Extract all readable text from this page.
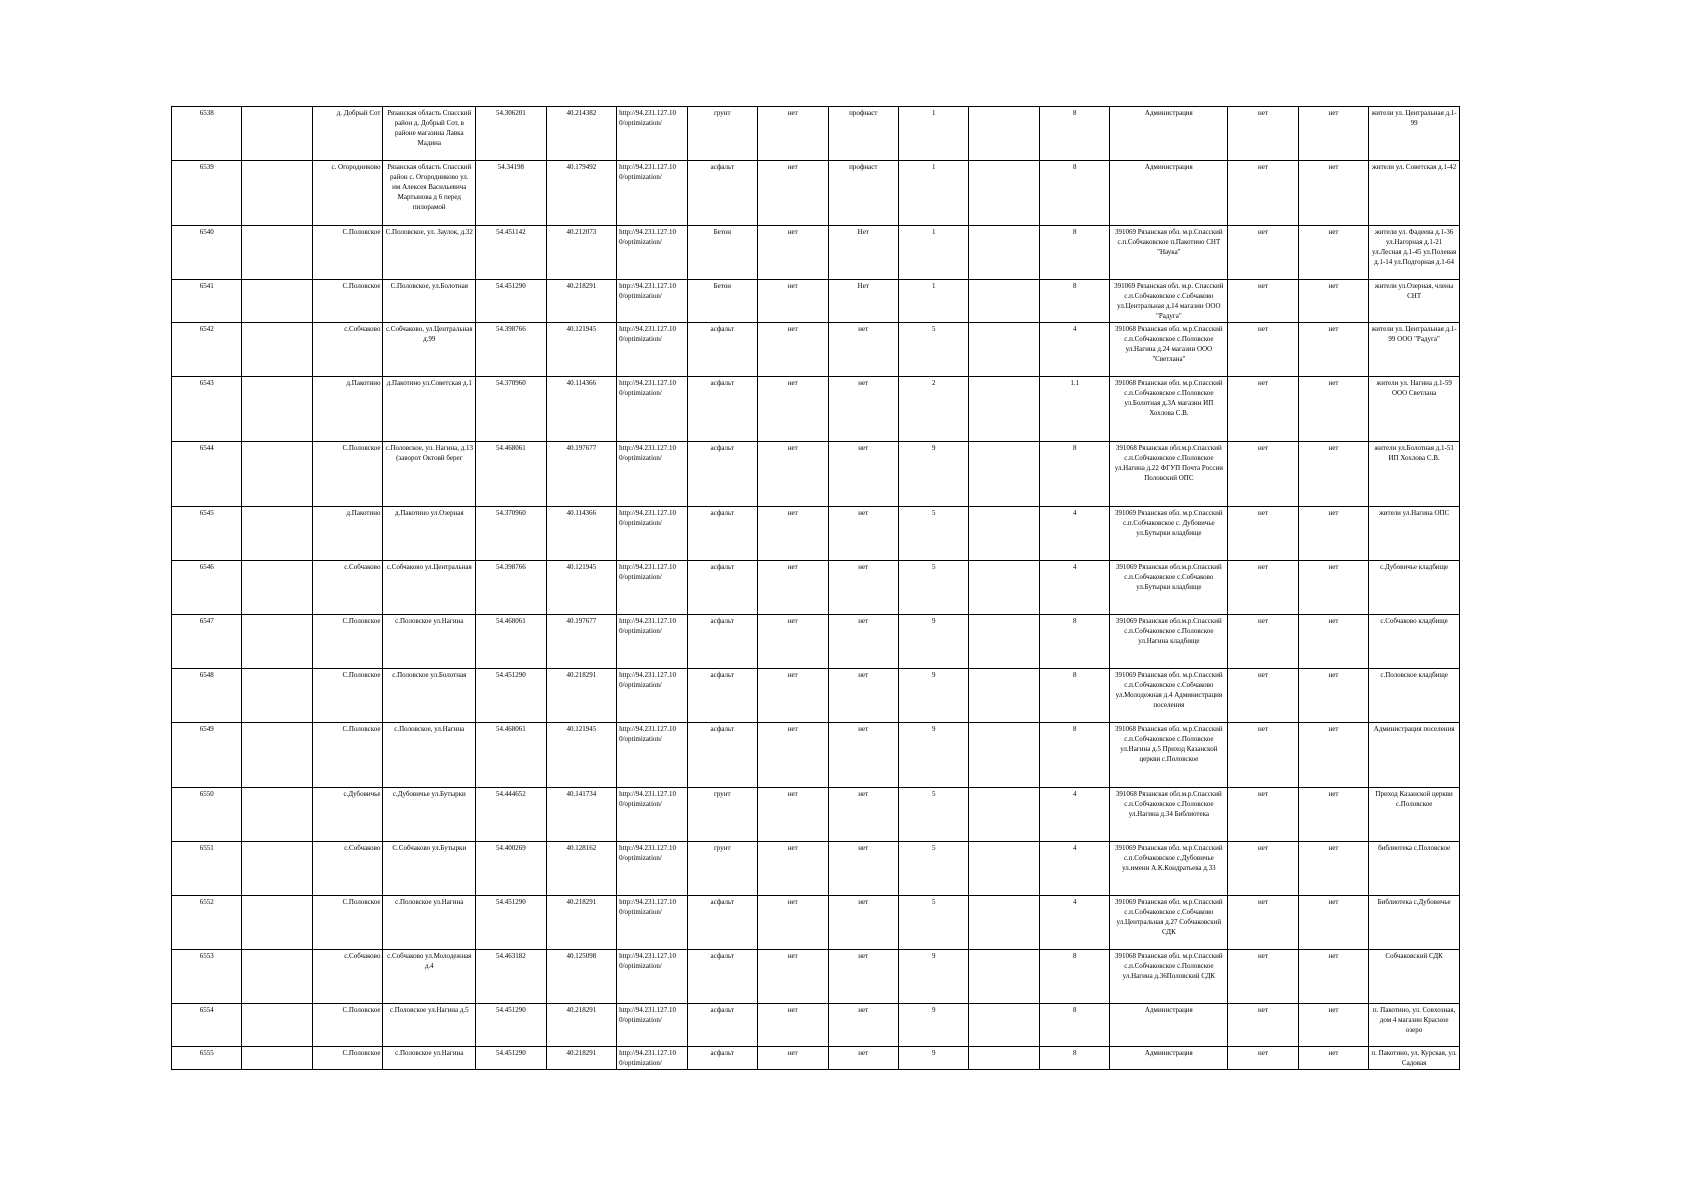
6538		д. Добрый Сот	Рязанская область Спасский район д. Добрый Сот, в районе магазина Лавка Мадина	54.306201	40.214382	http://94.231.127.10 0/optimization/	грунт	нет	профнаст	1		8	Администрация	нет	нет	жители ул. Центральная д.1-99
6539		с. Огородниково	Рязанская область Спасский район с. Огородниково ул. им Алексея Васильевича Мартынова д 6 перед пилорамой	54.34198	40.179492	http://94.231.127.10 0/optimization/	асфальт	нет	профнаст	1		8	Администрация	нет	нет	жители ул. Советская д.1-42
6540		С.Половское	С.Половское, ул. Заулок, д.32	54.451142	40.212073	http://94.231.127.10 0/optimization/	Бетон	нет	Нет	1		8	391069 Рязанская обл. м.р.Спасский с.п.Собчаковское п.Пакотино СНТ "Наука"	нет	нет	жители ул. Фадеева д.1-36 ул.Нагорная д.1-21 ул.Лесная д.1-45 ул.Полевая д.1-14 ул.Подгорная д.1-64
6541		С.Половское	С.Половское, ул.Болотная	54.451290	40.218291	http://94.231.127.10 0/optimization/	Бетон	нет	Нет	1		8	391069 Рязанская обл. м.р. Спасский с.п.Собчаковское с.Собчаково ул.Центральная д.14 магазин ООО "Радуга"	нет	нет	жители ул.Озерная, члены СНТ
6542		с.Собчаково	с.Собчаково, ул.Центральная д.99	54.398766	40.121945	http://94.231.127.10 0/optimization/	асфальт	нет	нет	5		4	391068 Рязанская обл. м.р.Спасский с.п.Собчаковское с.Половское ул.Нагина д.24 магазин ООО "Светлана"	нет	нет	жители ул. Центральная д.1-99 ООО "Радуга"
6543		д.Пакотино	д.Пакотино ул.Советская д.1	54.370960	40.114366	http://94.231.127.10 0/optimization/	асфальт	нет	нет	2		1.1	391068 Рязанская обл. м.р.Спасский с.п.Собчаковское с.Половское ул.Болотная д.3А магазин ИП Хохлова С.В.	нет	нет	жители ул. Нагина д.1-59 ООО Светлана
6544		С.Половское	с.Половское, ул. Нагина, д.13 (заворот Октовй берег	54.468061	40.197677	http://94.231.127.10 0/optimization/	асфальт	нет	нет	9		8	391068 Рязанская обл.м.р.Спасский с.п.Собчаковское с.Половское ул.Нагина д.22 ФГУП Почта России Половский ОПС	нет	нет	жители ул.Болотная д.1-51 ИП Хохлова С.В.
6545		д.Пакотино	д.Пакотино ул.Озерная	54.370960	40.114366	http://94.231.127.10 0/optimization/	асфальт	нет	нет	5		4	391069 Рязанская обл. м.р.Спасский с.п.Собчаковское с. Дубовичье ул.Бутырки кладбище	нет	нет	жители ул.Нагина ОПС
6546		с.Собчаково	с.Собчаково ул.Центральная	54.398766	40.121945	http://94.231.127.10 0/optimization/	асфальт	нет	нет	5		4	391069 Рязанская обл.м.р.Спасский с.п.Собчаковское с.Собчаково ул.Бутырки кладбище	нет	нет	с.Дубовичье кладбище
6547		С.Половское	с.Половское ул.Нагина	54.468061	40.197677	http://94.231.127.10 0/optimization/	асфальт	нет	нет	9		8	391069 Рязанская обл.м.р.Спасский с.п.Собчаковское с.Половское ул.Нагина кладбище	нет	нет	с.Собчаково кладбище
6548		С.Половское	с.Половское ул.Болотная	54.451290	40.218291	http://94.231.127.10 0/optimization/	асфальт	нет	нет	9		8	391069 Рязанская обл. м.р.Спасский с.п.Собчаковское с.Собчаково ул.Молодежная д.4 Администрация поселения	нет	нет	с.Половское кладбище
6549		С.Половское	с.Половское, ул.Нагина	54.468061	40.121945	http://94.231.127.10 0/optimization/	асфальт	нет	нет	9		8	391068 Рязанская обл. м.р.Спасский с.п.Собчаковское с.Половское ул.Нагина д.5 Приход Казанской церкви с.Половское	нет	нет	Администрация поселения
6550		с.Дубовичье	с.Дубовичье ул.Бутырки	54.444652	40.141734	http://94.231.127.10 0/optimization/	грунт	нет	нет	5		4	391068 Рязанская обл.м.р.Спасский с.п.Собчаковское с.Половское ул.Нагина д.34 Библиотека	нет	нет	Приход Казанской церкви с.Половское
6551		с.Собчаково	С.Собчаково ул.Бутырки	54.400269	40.128162	http://94.231.127.10 0/optimization/	грунт	нет	нет	5		4	391069 Рязанская обл. м.р.Спасский с.п.Собчаковское с.Дубовичье ул.имени А.К.Кондратьева д.33	нет	нет	библиотека с.Половское
6552		С.Половское	с.Половское ул.Нагина	54.451290	40.218291	http://94.231.127.10 0/optimization/	асфальт	нет	нет	5		4	391069 Рязанская обл. м.р.Спасский с.п.Собчаковское с.Собчаково ул.Центральная д.27 Собчаковский СДК	нет	нет	Библиотека с.Дубовичье
6553		с.Собчаково	с.Собчаково ул.Молодежная д.4	54.463182	40.125098	http://94.231.127.10 0/optimization/	асфальт	нет	нет	9		8	391068 Рязанская обл. м.р.Спасский с.п.Собчаковское с.Половское ул.Нагина д.36Половский СДК	нет	нет	Собчаковский СДК
6554		С.Половское	с.Половское ул.Нагина д.5	54.451290	40.218291	http://94.231.127.10 0/optimization/	асфальт	нет	нет	9		8	Администрация	нет	нет	п. Пакотино, ул. Совхозная, дом 4 магазин Красное озеро
6555		С.Половское	с.Половское ул.Нагина	54.451290	40.218291	http://94.231.127.10 0/optimization/	асфальт	нет	нет	9		8	Администрация	нет	нет	п. Пакотино, ул. Курская, ул. Садовая
